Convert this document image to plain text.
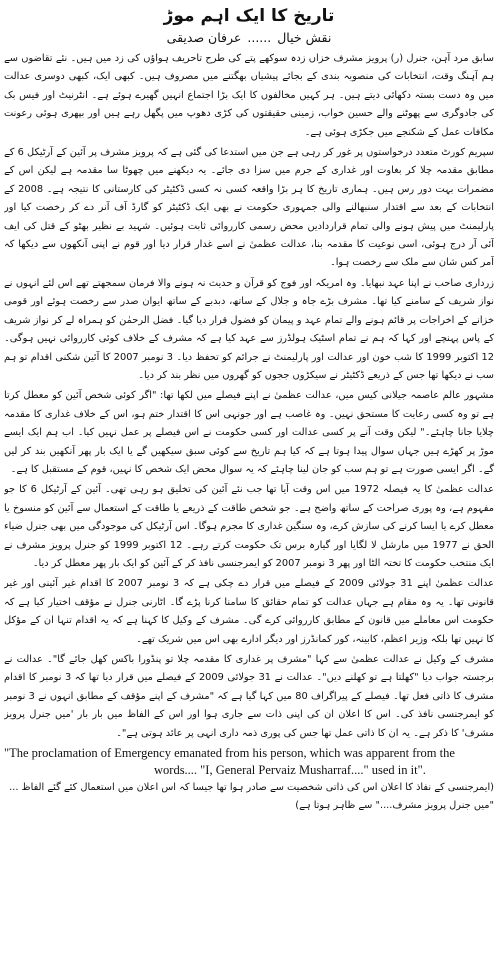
تاریخ کا ایک اہم موڑ

نقش خیال......عرفان صدیقی

سابق مرد آہن، جنرل (ر) پرویز مشرف خزاں زدہ سوکھے پتے کی طرح تاحریف ہواؤں کی زد میں ہیں۔ نئے تقاضوں سے ہم آہنگ وقت، انتخابات کی منصوبہ بندی کے بجائے پیشیاں بھگتنے میں مصروف ہیں۔ کبھی ایک، کبھی دوسری عدالت میں وہ دست بستہ دکھائی دیتے ہیں۔ ہر کہیں مخالفوں کا ایک بڑا اجتماع انہیں گھیرے ہوئے ہے۔ انٹرنیٹ اور فیس بک کی جادوگری سے پھوٹنے والے حسین خواب، زمینی حقیقتوں کی کڑی دھوپ میں پگھل رہے ہیں اور بپھری ہوئی رعونت مکافات عمل کے شکنجے میں جکڑی ہوئی ہے۔

سپریم کورٹ متعدد درخواستوں پر غور کر رہی ہے جن میں استدعا کی گئی ہے کہ پرویز مشرف پر آئین کے آرٹیکل 6 کے مطابق مقدمہ چلا کر بغاوت اور غداری کے جرم میں سزا دی جائے۔ یہ دیکھنے میں چھوٹا سا مقدمہ ہے لیکن اس کے مضمرات بہت دور رس ہیں۔ ہماری تاریخ کا ہر بڑا واقعہ کسی نہ کسی ڈکٹیٹر کی کارستانی کا نتیجہ ہے۔ 2008 کے انتخابات کے بعد سے اقتدار سنبھالنے والی جمہوری حکومت نے بھی ایک ڈکٹیٹر کو گارڈ آف آنر دے کر رخصت کیا اور پارلیمنٹ میں پیش ہونے والی تمام قراردادیں محض رسمی کارروائی ثابت ہوئیں۔ شہید بے نظیر بھٹو کے قتل کی ایف آئی آر درج ہوئی، اسی نوعیت کا مقدمہ بنا، عدالت عظمیٰ نے اسے غدار قرار دیا اور قوم نے اپنی آنکھوں سے دیکھا کہ آمر کس شان سے ملک سے رخصت ہوا۔

زرداری صاحب نے اپنا عہد نبھایا۔ وہ امریکہ اور فوج کو قرآن و حدیث نہ ہونے والا فرمان سمجھتے تھے اس لئے انہوں نے نواز شریف کے سامنے کیا تھا۔ مشرف بڑے جاہ و جلال کے ساتھ، دبدبے کے ساتھ ایوان صدر سے رخصت ہوئے اور قومی خزانے کے اخراجات پر قائم ہونے والے تمام عہد و پیمان کو فضول قرار دیا گیا۔ فضل الرحمٰن کو ہمراہ لے کر نواز شریف کے پاس پہنچے اور کہا کہ ہم نے تمام اسٹیک ہولڈرز سے عہد کیا ہے کہ مشرف کے خلاف کوئی کارروائی نہیں ہوگی۔ 12 اکتوبر 1999 کا شب خون اور عدالت اور پارلیمنٹ نے جرائم کو تحفظ دیا۔ 3 نومبر 2007 کا آئین شکنی اقدام تو ہم سب نے دیکھا تھا جس کے ذریعے ڈکٹیٹر نے سیکڑوں ججوں کو گھروں میں نظر بند کر دیا۔

مشہور عالم عاصمہ جیلانی کیس میں، عدالت عظمیٰ نے اپنے فیصلے میں لکھا تھا: "اگر کوئی شخص آئین کو معطل کرتا ہے تو وہ کسی رعایت کا مستحق نہیں۔ وہ غاصب ہے اور جونہی اس کا اقتدار ختم ہو، اس کے خلاف غداری کا مقدمہ چلایا جانا چاہئے۔" لیکن وقت آنے پر کسی عدالت اور کسی حکومت نے اس فیصلے پر عمل نہیں کیا۔ اب ہم ایک ایسے موڑ پر کھڑے ہیں جہاں سوال پیدا ہوتا ہے کہ کیا ہم تاریخ سے کوئی سبق سیکھیں گے یا ایک بار پھر آنکھیں بند کر لیں گے۔ اگر ایسی صورت ہے تو ہم سب کو جان لینا چاہئے کہ یہ سوال محض ایک شخص کا نہیں، قوم کے مستقبل کا ہے۔

عدالت عظمیٰ کا یہ فیصلہ 1972 میں اس وقت آیا تھا جب نئے آئین کی تخلیق ہو رہی تھی۔ آئین کے آرٹیکل 6 کا جو مفہوم ہے، وہ پوری صراحت کے ساتھ واضح ہے۔ جو شخص طاقت کے ذریعے یا طاقت کے استعمال سے آئین کو منسوخ یا معطل کرے یا ایسا کرنے کی سازش کرے، وہ سنگین غداری کا مجرم ہوگا۔ اس آرٹیکل کی موجودگی میں بھی جنرل ضیاء الحق نے 1977 میں مارشل لا لگایا اور گیارہ برس تک حکومت کرتے رہے۔ 12 اکتوبر 1999 کو جنرل پرویز مشرف نے ایک منتخب حکومت کا تختہ الٹا اور پھر 3 نومبر 2007 کو ایمرجنسی نافذ کر کے آئین کو ایک بار پھر معطل کر دیا۔

عدالت عظمیٰ اپنے 31 جولائی 2009 کے فیصلے میں قرار دے چکی ہے کہ 3 نومبر 2007 کا اقدام غیر آئینی اور غیر قانونی تھا۔ یہ وہ مقام ہے جہاں عدالت کو تمام حقائق کا سامنا کرنا پڑے گا۔ اٹارنی جنرل نے مؤقف اختیار کیا ہے کہ حکومت اس معاملے میں قانون کے مطابق کارروائی کرے گی۔ مشرف کے وکیل کا کہنا ہے کہ یہ اقدام تنہا ان کے مؤکل کا نہیں تھا بلکہ وزیر اعظم، کابینہ، کور کمانڈرز اور دیگر ادارے بھی اس میں شریک تھے۔

مشرف کے وکیل نے عدالت عظمیٰ سے کہا "مشرف پر غداری کا مقدمہ چلا تو پنڈورا باکس کھل جائے گا"۔ عدالت نے برجستہ جواب دیا "کھلتا ہے تو کھلنے دیں"۔ عدالت نے 31 جولائی 2009 کے فیصلے میں قرار دیا تھا کہ 3 نومبر کا اقدام مشرف کا ذاتی فعل تھا۔ فیصلے کے پیراگراف 80 میں کہا گیا ہے کہ "مشرف کے اپنے مؤقف کے مطابق انہوں نے 3 نومبر کو ایمرجنسی نافذ کی۔ اس کا اعلان ان کی اپنی ذات سے جاری ہوا اور اس کے الفاظ میں بار بار 'میں جنرل پرویز مشرف' کا ذکر ہے۔ یہ ان کا ذاتی عمل تھا جس کی پوری ذمہ داری انہی پر عائد ہوتی ہے"۔

"The proclamation of Emergency emanated from his person, which was apparent from the
words.... "I, General Pervaiz Musharraf...." used in it".

(ایمرجنسی کے نفاذ کا اعلان اس کی ذاتی شخصیت سے صادر ہوا تھا جیسا کہ اس اعلان میں استعمال کئے گئے الفاظ ... "میں جنرل پرویز مشرف...." سے ظاہر ہوتا ہے)
